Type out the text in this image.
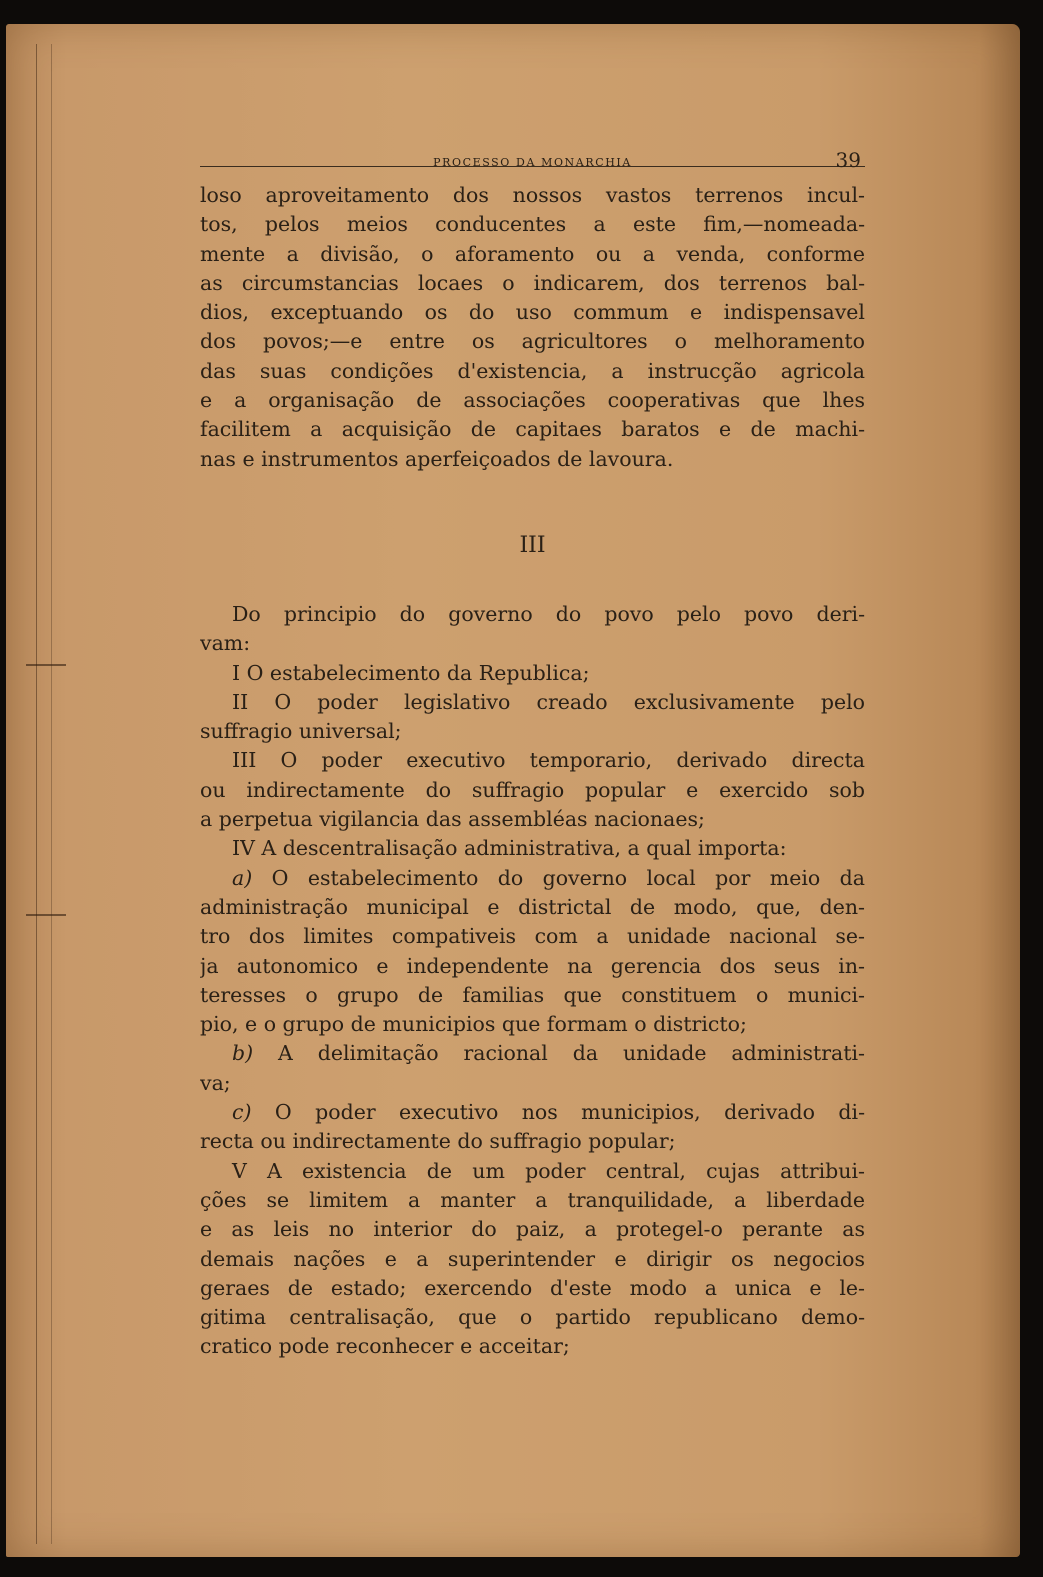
PROCESSO DA MONARCHIA	39
loso aproveitamento dos nossos vastos terrenos incul-
tos, pelos meios conducentes a este fim,—nomeada-
mente a divisão, o aforamento ou a venda, conforme
as circumstancias locaes o indicarem, dos terrenos bal-
dios, exceptuando os do uso commum e indispensavel
dos povos;—e entre os agricultores o melhoramento
das suas condições d'existencia, a instrucção agricola
e a organisação de associações cooperativas que lhes
facilitem a acquisição de capitaes baratos e de machi-
nas e instrumentos aperfeiçoados de lavoura.
III
Do principio do governo do povo pelo povo deri-
vam:
I O estabelecimento da Republica;
II O poder legislativo creado exclusivamente pelo
suffragio universal;
III O poder executivo temporario, derivado directa
ou indirectamente do suffragio popular e exercido sob
a perpetua vigilancia das assembléas nacionaes;
IV A descentralisação administrativa, a qual importa:
a) O estabelecimento do governo local por meio da
administração municipal e districtal de modo, que, den-
tro dos limites compativeis com a unidade nacional se-
ja autonomico e independente na gerencia dos seus in-
teresses o grupo de familias que constituem o munici-
pio, e o grupo de municipios que formam o districto;
b) A delimitação racional da unidade administrati-
va;
c) O poder executivo nos municipios, derivado di-
recta ou indirectamente do suffragio popular;
V A existencia de um poder central, cujas attribui-
ções se limitem a manter a tranquilidade, a liberdade
e as leis no interior do paiz, a protegel-o perante as
demais nações e a superintender e dirigir os negocios
geraes de estado; exercendo d'este modo a unica e le-
gitima centralisação, que o partido republicano demo-
cratico pode reconhecer e acceitar;
